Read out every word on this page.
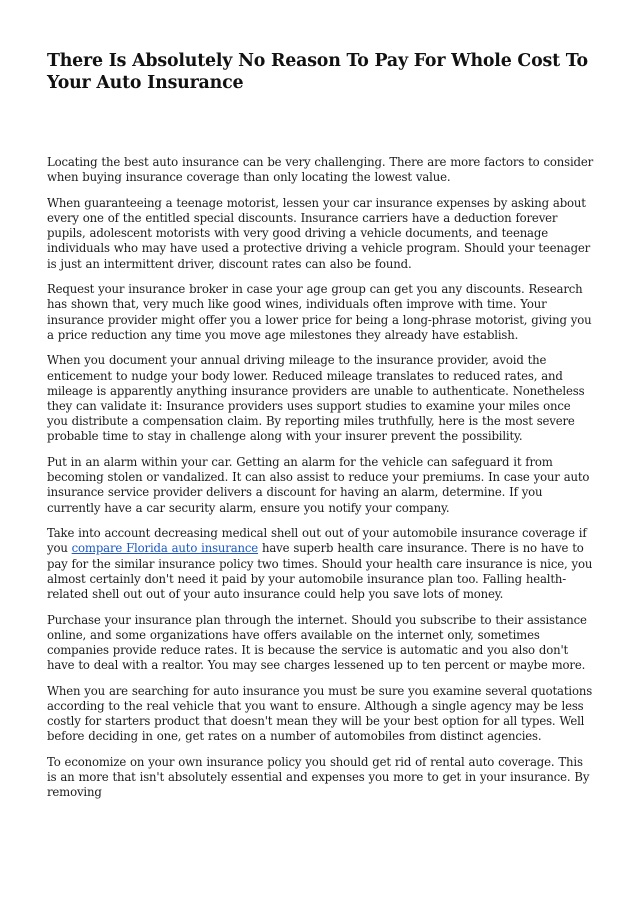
There Is Absolutely No Reason To Pay For Whole Cost To Your Auto Insurance

Locating the best auto insurance can be very challenging. There are more factors to consider when buying insurance coverage than only locating the lowest value.

When guaranteeing a teenage motorist, lessen your car insurance expenses by asking about every one of the entitled special discounts. Insurance carriers have a deduction forever pupils, adolescent motorists with very good driving a vehicle documents, and teenage individuals who may have used a protective driving a vehicle program. Should your teenager is just an intermittent driver, discount rates can also be found.

Request your insurance broker in case your age group can get you any discounts. Research has shown that, very much like good wines, individuals often improve with time. Your insurance provider might offer you a lower price for being a long-phrase motorist, giving you a price reduction any time you move age milestones they already have establish.

When you document your annual driving mileage to the insurance provider, avoid the enticement to nudge your body lower. Reduced mileage translates to reduced rates, and mileage is apparently anything insurance providers are unable to authenticate. Nonetheless they can validate it: Insurance providers uses support studies to examine your miles once you distribute a compensation claim. By reporting miles truthfully, here is the most severe probable time to stay in challenge along with your insurer prevent the possibility.

Put in an alarm within your car. Getting an alarm for the vehicle can safeguard it from becoming stolen or vandalized. It can also assist to reduce your premiums. In case your auto insurance service provider delivers a discount for having an alarm, determine. If you currently have a car security alarm, ensure you notify your company.

Take into account decreasing medical shell out out of your automobile insurance coverage if you compare Florida auto insurance have superb health care insurance. There is no have to pay for the similar insurance policy two times. Should your health care insurance is nice, you almost certainly don't need it paid by your automobile insurance plan too. Falling health-related shell out out of your auto insurance could help you save lots of money.

Purchase your insurance plan through the internet. Should you subscribe to their assistance online, and some organizations have offers available on the internet only, sometimes companies provide reduce rates. It is because the service is automatic and you also don't have to deal with a realtor. You may see charges lessened up to ten percent or maybe more.

When you are searching for auto insurance you must be sure you examine several quotations according to the real vehicle that you want to ensure. Although a single agency may be less costly for starters product that doesn't mean they will be your best option for all types. Well before deciding in one, get rates on a number of automobiles from distinct agencies.

To economize on your own insurance policy you should get rid of rental auto coverage. This is an more that isn't absolutely essential and expenses you more to get in your insurance. By removing
